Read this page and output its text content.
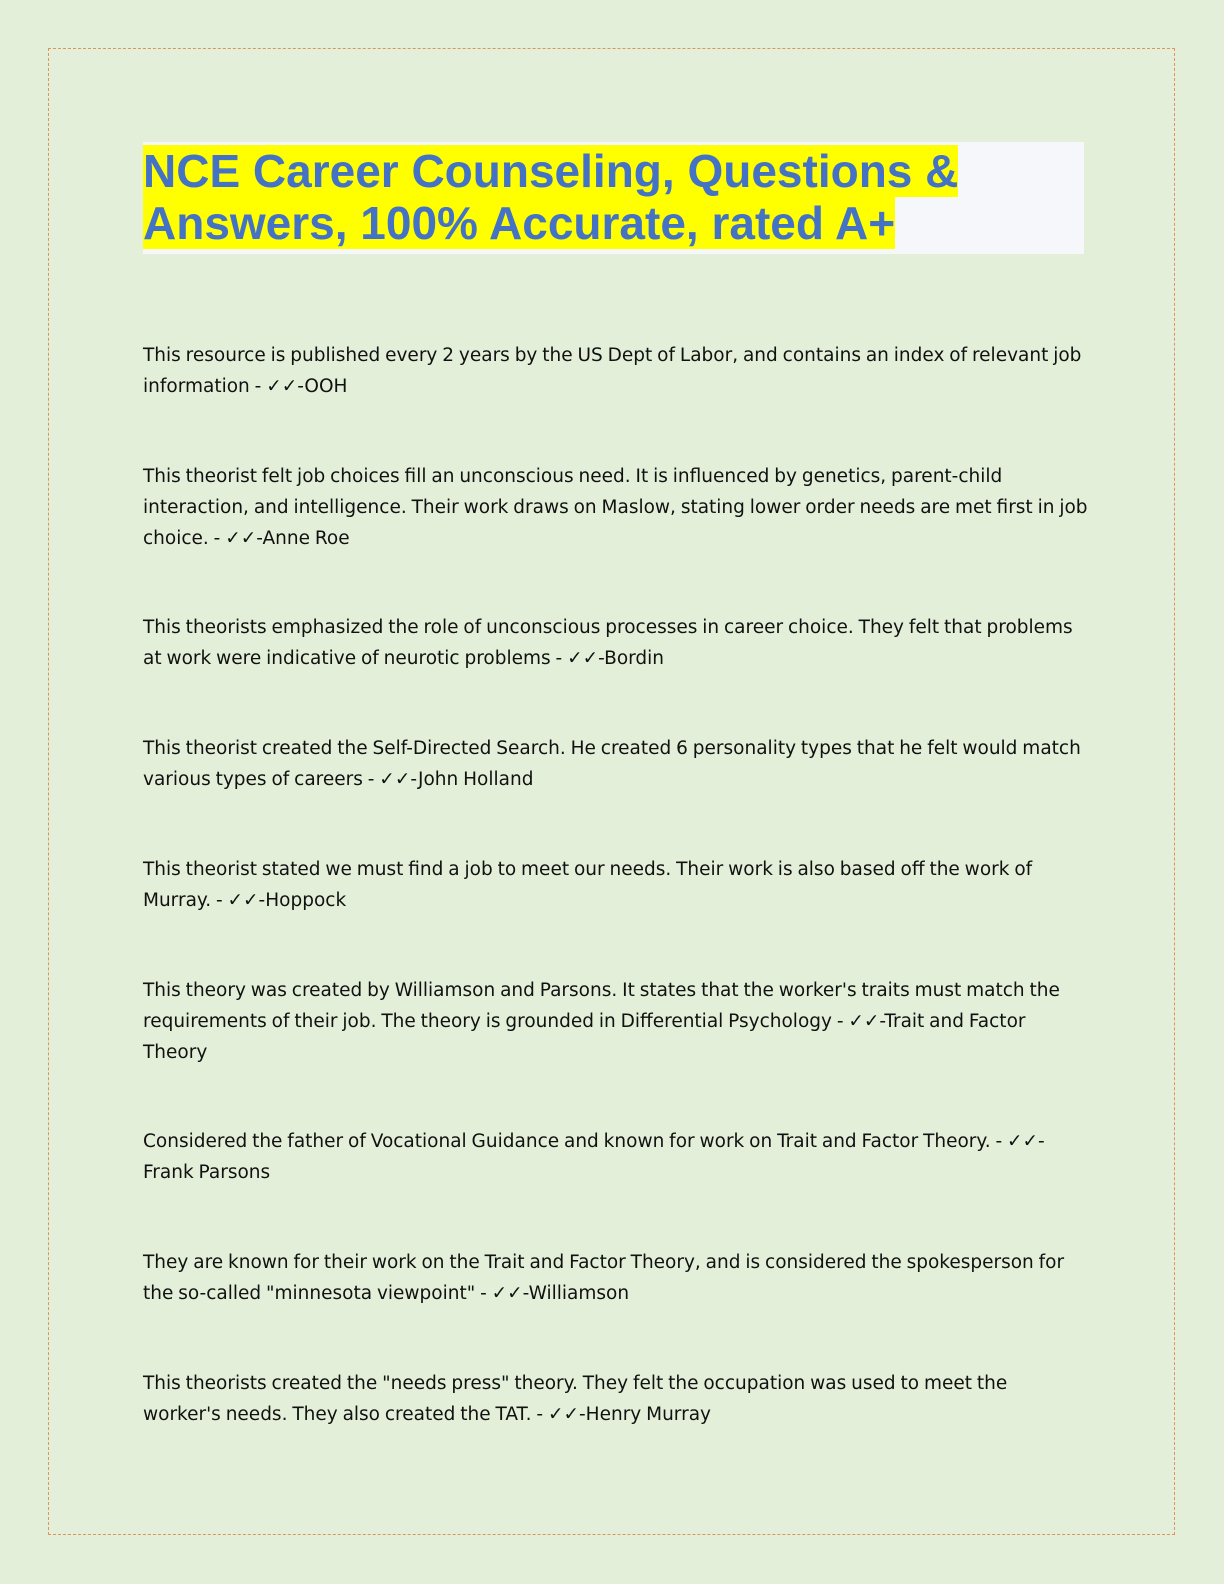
NCE Career Counseling, Questions & Answers, 100% Accurate, rated A+

This resource is published every 2 years by the US Dept of Labor, and contains an index of relevant job information - ✓✓-OOH

This theorist felt job choices fill an unconscious need. It is influenced by genetics, parent-child interaction, and intelligence. Their work draws on Maslow, stating lower order needs are met first in job choice. - ✓✓-Anne Roe

This theorists emphasized the role of unconscious processes in career choice. They felt that problems at work were indicative of neurotic problems - ✓✓-Bordin

This theorist created the Self-Directed Search. He created 6 personality types that he felt would match various types of careers - ✓✓-John Holland

This theorist stated we must find a job to meet our needs. Their work is also based off the work of Murray. - ✓✓-Hoppock

This theory was created by Williamson and Parsons. It states that the worker's traits must match the requirements of their job. The theory is grounded in Differential Psychology - ✓✓-Trait and Factor Theory

Considered the father of Vocational Guidance and known for work on Trait and Factor Theory. - ✓✓-Frank Parsons

They are known for their work on the Trait and Factor Theory, and is considered the spokesperson for the so-called "minnesota viewpoint" - ✓✓-Williamson

This theorists created the "needs press" theory. They felt the occupation was used to meet the worker's needs. They also created the TAT. - ✓✓-Henry Murray
